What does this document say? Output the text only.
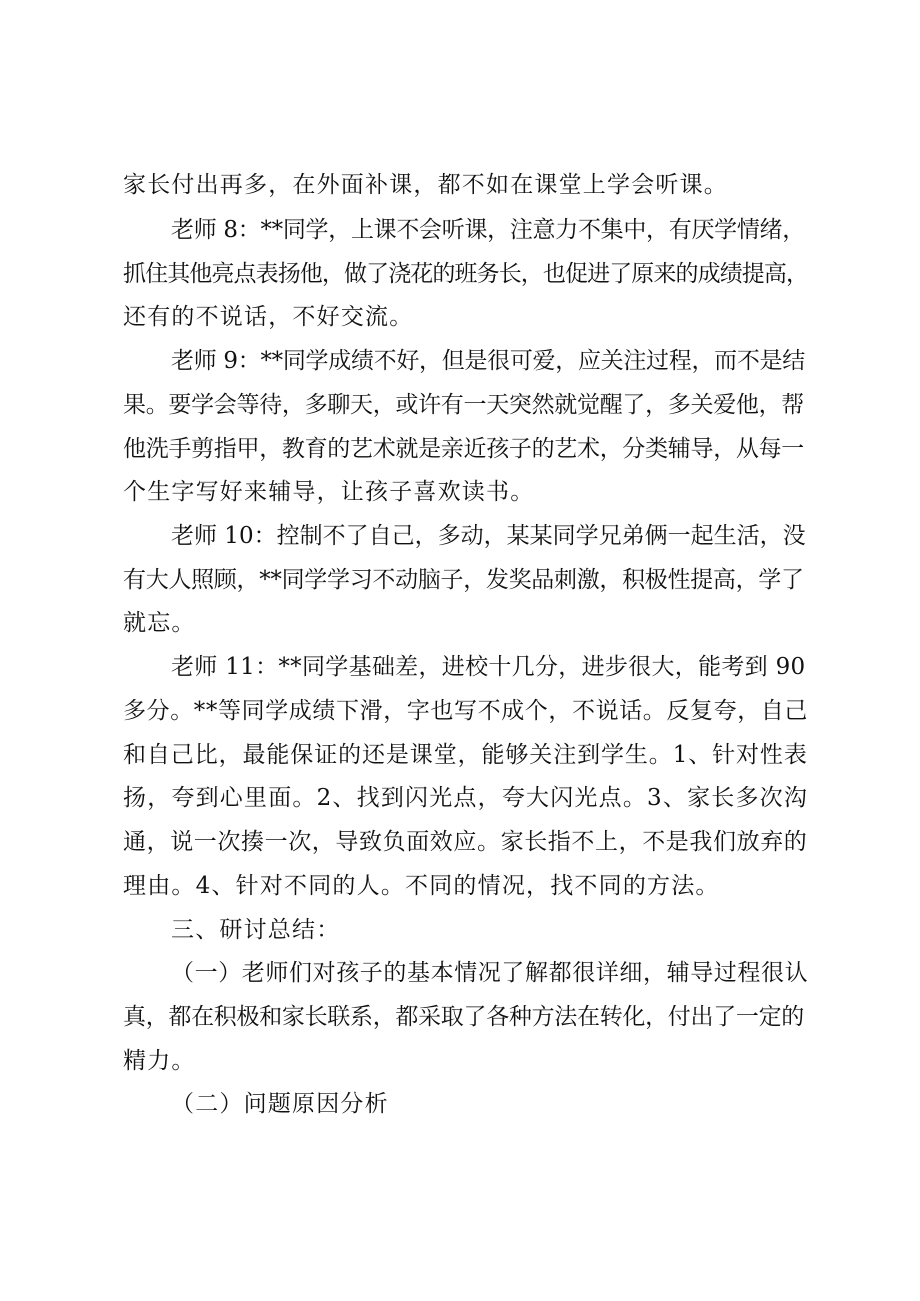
家长付出再多，在外面补课，都不如在课堂上学会听课。
老师 8：**同学，上课不会听课，注意力不集中，有厌学情绪，
抓住其他亮点表扬他，做了浇花的班务长，也促进了原来的成绩提高，
还有的不说话，不好交流。
老师 9：**同学成绩不好，但是很可爱，应关注过程，而不是结
果。要学会等待，多聊天，或许有一天突然就觉醒了，多关爱他，帮
他洗手剪指甲，教育的艺术就是亲近孩子的艺术，分类辅导，从每一
个生字写好来辅导，让孩子喜欢读书。
老师 10：控制不了自己，多动，某某同学兄弟俩一起生活，没
有大人照顾，**同学学习不动脑子，发奖品刺激，积极性提高，学了
就忘。
老师 11：**同学基础差，进校十几分，进步很大，能考到 90
多分。**等同学成绩下滑，字也写不成个，不说话。反复夸，自己
和自己比，最能保证的还是课堂，能够关注到学生。1、针对性表
扬，夸到心里面。2、找到闪光点，夸大闪光点。3、家长多次沟
通，说一次揍一次，导致负面效应。家长指不上，不是我们放弃的
理由。4、针对不同的人。不同的情况，找不同的方法。
三、研讨总结：
（一）老师们对孩子的基本情况了解都很详细，辅导过程很认
真，都在积极和家长联系，都采取了各种方法在转化，付出了一定的
精力。
（二）问题原因分析
